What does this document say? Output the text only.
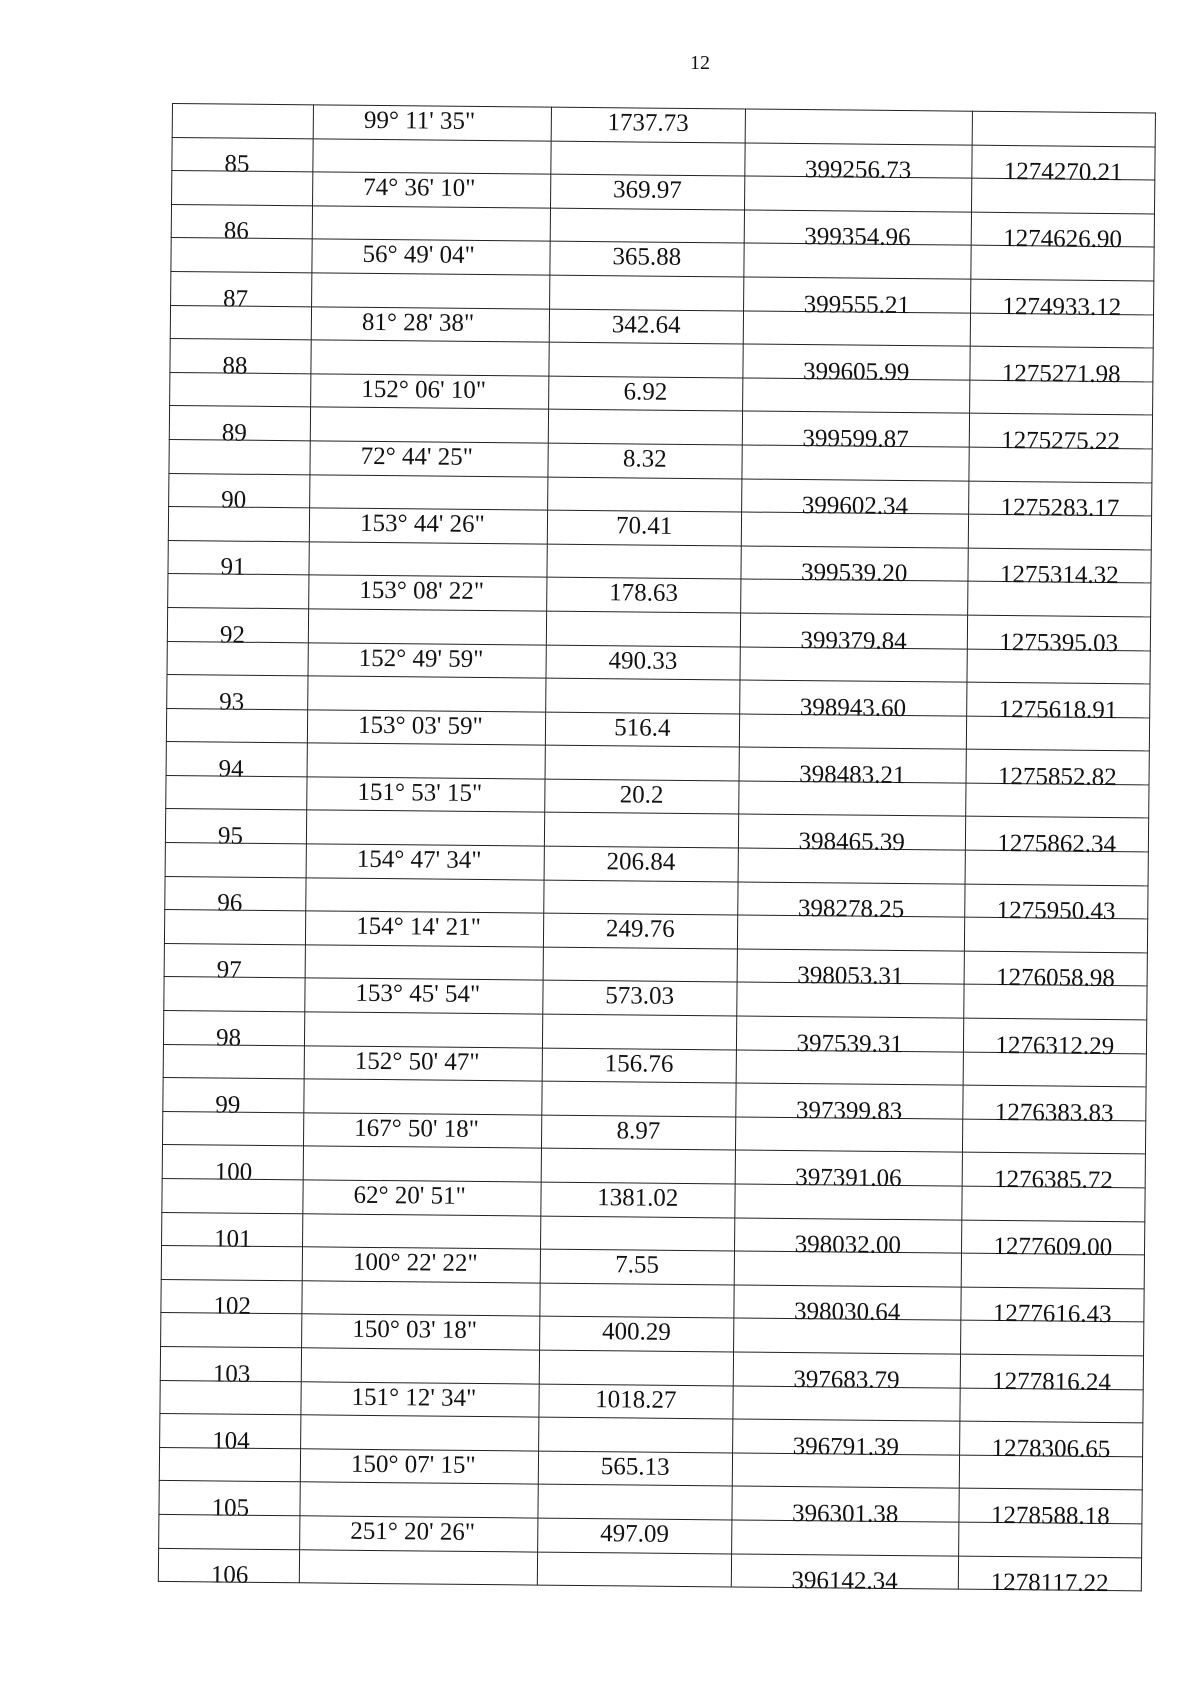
12
	99° 11' 35"	1737.73		
85			399256.73	1274270.21
	74° 36' 10"	369.97		
86			399354.96	1274626.90
	56° 49' 04"	365.88		
87			399555.21	1274933.12
	81° 28' 38"	342.64		
88			399605.99	1275271.98
	152° 06' 10"	6.92		
89			399599.87	1275275.22
	72° 44' 25"	8.32		
90			399602.34	1275283.17
	153° 44' 26"	70.41		
91			399539.20	1275314.32
	153° 08' 22"	178.63		
92			399379.84	1275395.03
	152° 49' 59"	490.33		
93			398943.60	1275618.91
	153° 03' 59"	516.4		
94			398483.21	1275852.82
	151° 53' 15"	20.2		
95			398465.39	1275862.34
	154° 47' 34"	206.84		
96			398278.25	1275950.43
	154° 14' 21"	249.76		
97			398053.31	1276058.98
	153° 45' 54"	573.03		
98			397539.31	1276312.29
	152° 50' 47"	156.76		
99			397399.83	1276383.83
	167° 50' 18"	8.97		
100			397391.06	1276385.72
	62° 20' 51"	1381.02		
101			398032.00	1277609.00
	100° 22' 22"	7.55		
102			398030.64	1277616.43
	150° 03' 18"	400.29		
103			397683.79	1277816.24
	151° 12' 34"	1018.27		
104			396791.39	1278306.65
	150° 07' 15"	565.13		
105			396301.38	1278588.18
	251° 20' 26"	497.09		
106			396142.34	1278117.22
